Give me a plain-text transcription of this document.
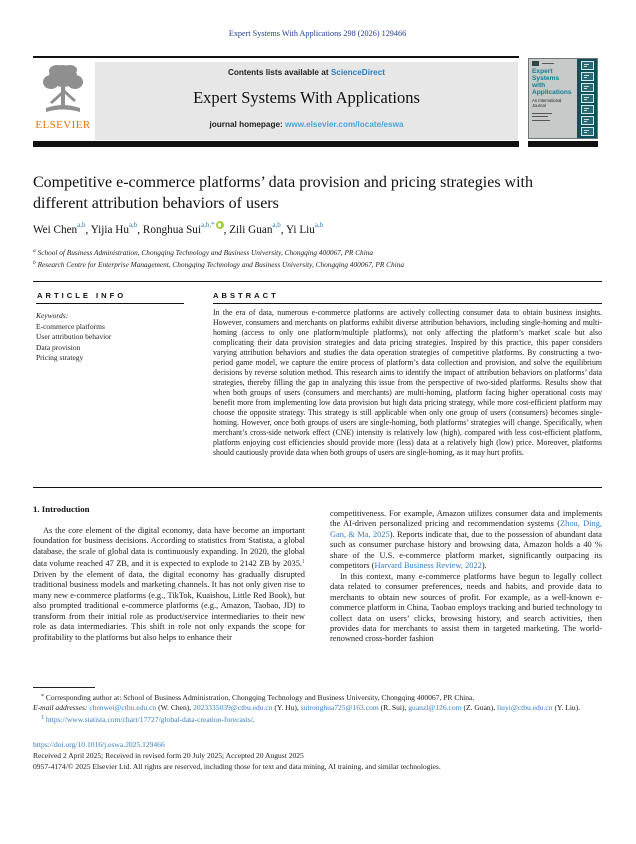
Expert Systems With Applications 298 (2026) 129466
ELSEVIER
Contents lists available at ScienceDirect
Expert Systems With Applications
journal homepage: www.elsevier.com/locate/eswa
Expert
Systems
with
Applications
An International Journal
Competitive e-commerce platforms’ data provision and pricing strategies with different attribution behaviors of users
Wei Chen$^{a,b}$, Yijia Hu$^{a,b}$, Ronghua Sui$^{a,b,*}$ , Zili Guan$^{a,b}$, Yi Liu$^{a,b}$
$^a$ School of Business Administration, Chongqing Technology and Business University, Chongqing 400067, PR China
$^b$ Research Centre for Enterprise Management, Chongqing Technology and Business University, Chongqing 400067, PR China
ARTICLE INFO
Keywords:
E-commerce platforms
User attribution behavior
Data provision
Pricing strategy
ABSTRACT
In the era of data, numerous e-commerce platforms are actively collecting consumer data to obtain business insights. However, consumers and merchants on platforms exhibit diverse attribution behaviors, including single-homing and multi-homing (access to only one platform/multiple platforms), not only affecting the platform’s market scale but also complicating their data provision strategies and data pricing strategies. Inspired by this practice, this paper considers varying attribution behaviors and studies the data operation strategies of competitive platforms. By constructing a two-period game model, we capture the entire process of platform’s data collection and provision, and solve the equilibrium decisions by reverse solution method. This research aims to identify the impact of attribution behaviors on platforms’ data strategies, thereby filling the gap in analyzing this issue from the perspective of two-sided platforms. Results show that when both groups of users (consumers and merchants) are multi-homing, platform facing higher operational costs may benefit more from implementing low data provision but high data pricing strategy, while more cost-efficient platform may choose the opposite strategy. This strategy is still applicable when only one group of users (consumers) becomes single-homing. However, once both groups of users are single-homing, both platforms’ strategies will change. Specifically, when merchant’s cross-side network effect (CNE) intensity is relatively low (high), compared with less cost-efficient platform, platform enjoying cost efficiencies should provide more (less) data at a relatively high (low) price. Moreover, platforms should cautiously provide data when both groups of users are single-homing, as it may hurt profits.
1. Introduction

As the core element of the digital economy, data have become an important foundation for business decisions. According to statistics from Statista, a global database, the scale of global data is continuously expanding. In 2020, the global data volume reached 47 ZB, and it is expected to explode to 2142 ZB by 2035.$^1$ Driven by the element of data, the digital economy has gradually disrupted traditional business models and marketing channels. It has not only given rise to many new e-commerce platforms (e.g., TikTok, Kuaishou, Little Red Book), but also prompted traditional e-commerce platforms (e.g., Amazon, Taobao, JD) to transform from their initial role as product/service intermediaries to their new role as data intermediaries. This shift in role not only expands the scope for profitability to the platforms but also helps to enhance their

competitiveness. For example, Amazon utilizes consumer data and implements the AI-driven personalized pricing and recommendation systems (Zhou, Ding, Gan, & Ma, 2025). Reports indicate that, due to the possession of abundant data such as consumer purchase history and browsing data, Amazon holds a 40 % share of the U.S. e-commerce platform market, significantly outpacing its competitors (Harvard Business Review, 2022).

In this context, many e-commerce platforms have begun to legally collect data related to consumer preferences, needs and habits, and provide data to merchants to obtain new sources of profit. For example, as a well-known e-commerce platform in China, Taobao employs tracking and buried technology to collect data on users’ clicks, browsing history, and search activities, then provides data for merchants to assist them in targeted marketing. The world-renowned cross-border fashion

* Corresponding author at: School of Business Administration, Chongqing Technology and Business University, Chongqing 400067, PR China.

E-mail addresses: chenwei@ctbu.edu.cn (W. Chen), 2023335039@ctbu.edu.cn (Y. Hu), suironghua725@163.com (R. Sui), guanzl@126.com (Z. Guan), liuyi@ctbu.edu.cn (Y. Liu).

$^1$ https://www.statista.com/chart/17727/global-data-creation-forecasts/.

https://doi.org/10.1016/j.eswa.2025.129466
Received 2 April 2025; Received in revised form 20 July 2025; Accepted 20 August 2025
0957-4174/© 2025 Elsevier Ltd. All rights are reserved, including those for text and data mining, AI training, and similar technologies.
